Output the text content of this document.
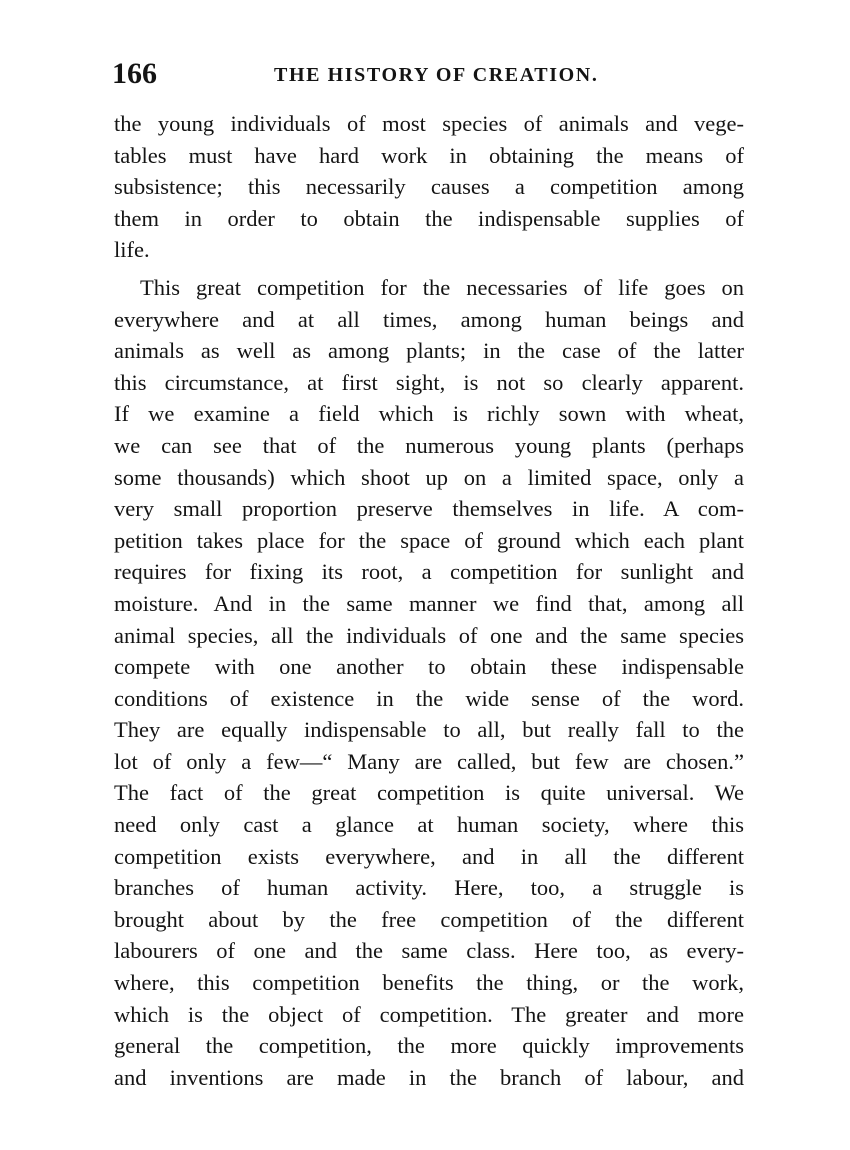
166	THE HISTORY OF CREATION.
the young individuals of most species of animals and vege-
tables must have hard work in obtaining the means of
subsistence; this necessarily causes a competition among
them in order to obtain the indispensable supplies of
life.
This great competition for the necessaries of life goes on
everywhere and at all times, among human beings and
animals as well as among plants; in the case of the latter
this circumstance, at first sight, is not so clearly apparent.
If we examine a field which is richly sown with wheat,
we can see that of the numerous young plants (perhaps
some thousands) which shoot up on a limited space, only a
very small proportion preserve themselves in life. A com-
petition takes place for the space of ground which each plant
requires for fixing its root, a competition for sunlight and
moisture. And in the same manner we find that, among all
animal species, all the individuals of one and the same species
compete with one another to obtain these indispensable
conditions of existence in the wide sense of the word.
They are equally indispensable to all, but really fall to the
lot of only a few—“ Many are called, but few are chosen.”
The fact of the great competition is quite universal. We
need only cast a glance at human society, where this
competition exists everywhere, and in all the different
branches of human activity. Here, too, a struggle is
brought about by the free competition of the different
labourers of one and the same class. Here too, as every-
where, this competition benefits the thing, or the work,
which is the object of competition. The greater and more
general the competition, the more quickly improvements
and inventions are made in the branch of labour, and
